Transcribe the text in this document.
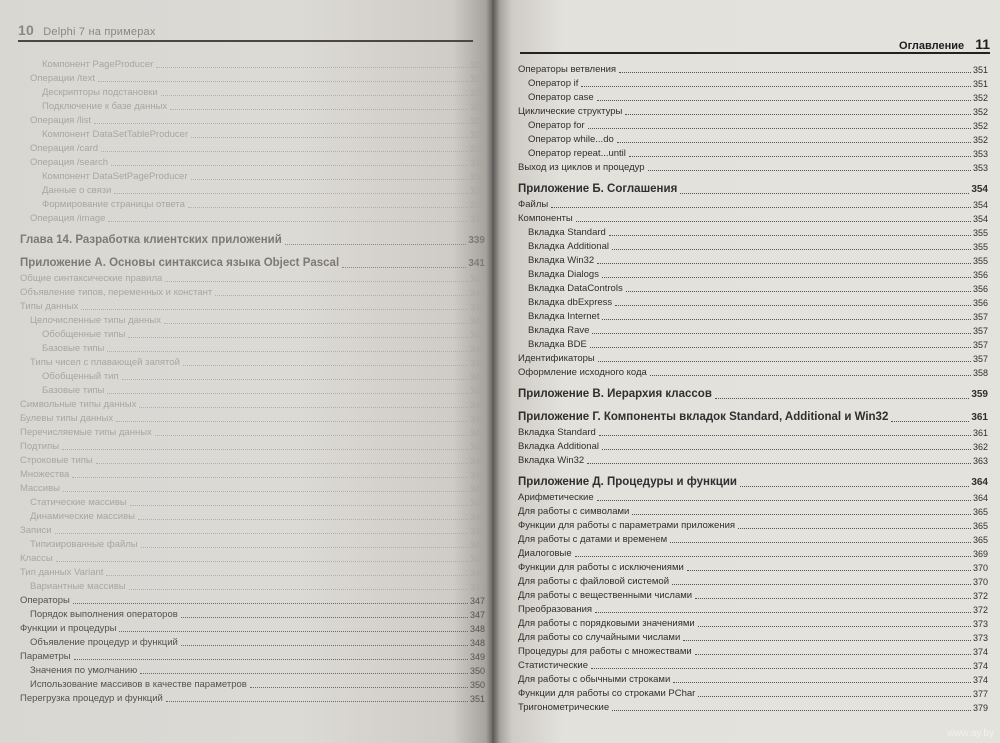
10 Delphi 7 на примерах
Компонент PageProducer	320
Операции /text	321
Дескрипторы подстановки	322
Подключение к базе данных	323
Операция /list	326
Компонент DataSetTableProducer	326
Операция /card	330
Операция /search	332
Компонент DataSetPageProducer	333
Данные о связи	335
Формирование страницы ответа	336
Операция /image	337
Глава 14. Разработка клиентских приложений	339
Приложение А. Основы синтаксиса языка Object Pascal	341
Общие синтаксические правила	341
Объявление типов, переменных и констант	341
Типы данных	342
Целочисленные типы данных	342
Обобщенные типы	342
Базовые типы	342
Типы чисел с плавающей запятой	342
Обобщенный тип	342
Базовые типы	342
Символьные типы данных	343
Булевы типы данных	343
Перечисляемые типы данных	343
Подтипы	343
Строковые типы	344
Множества	345
Массивы	345
Статические массивы	345
Динамические массивы	346
Записи	346
Типизированные файлы	346
Классы	346
Тип данных Variant	347
Вариантные массивы	347
Операторы	347
Порядок выполнения операторов	347
Функции и процедуры	348
Объявление процедур и функций	348
Параметры	349
Значения по умолчанию	350
Использование массивов в качестве параметров	350
Перегрузка процедур и функций	351
Оглавление 11
Операторы ветвления	351
Оператор if	351
Оператор case	352
Циклические структуры	352
Оператор for	352
Оператор while...do	352
Оператор repeat...until	353
Выход из циклов и процедур	353
Приложение Б. Соглашения	354
Файлы	354
Компоненты	354
Вкладка Standard	355
Вкладка Additional	355
Вкладка Win32	355
Вкладка Dialogs	356
Вкладка DataControls	356
Вкладка dbExpress	356
Вкладка Internet	357
Вкладка Rave	357
Вкладка BDE	357
Идентификаторы	357
Оформление исходного кода	358
Приложение В. Иерархия классов	359
Приложение Г. Компоненты вкладок Standard, Additional и Win32	361
Вкладка Standard	361
Вкладка Additional	362
Вкладка Win32	363
Приложение Д. Процедуры и функции	364
Арифметические	364
Для работы с символами	365
Функции для работы с параметрами приложения	365
Для работы с датами и временем	365
Диалоговые	369
Функции для работы с исключениями	370
Для работы с файловой системой	370
Для работы с вещественными числами	372
Преобразования	372
Для работы с порядковыми значениями	373
Для работы со случайными числами	373
Процедуры для работы с множествами	374
Статистические	374
Для работы с обычными строками	374
Функции для работы со строками PChar	377
Тригонометрические	379
www.ay.by
